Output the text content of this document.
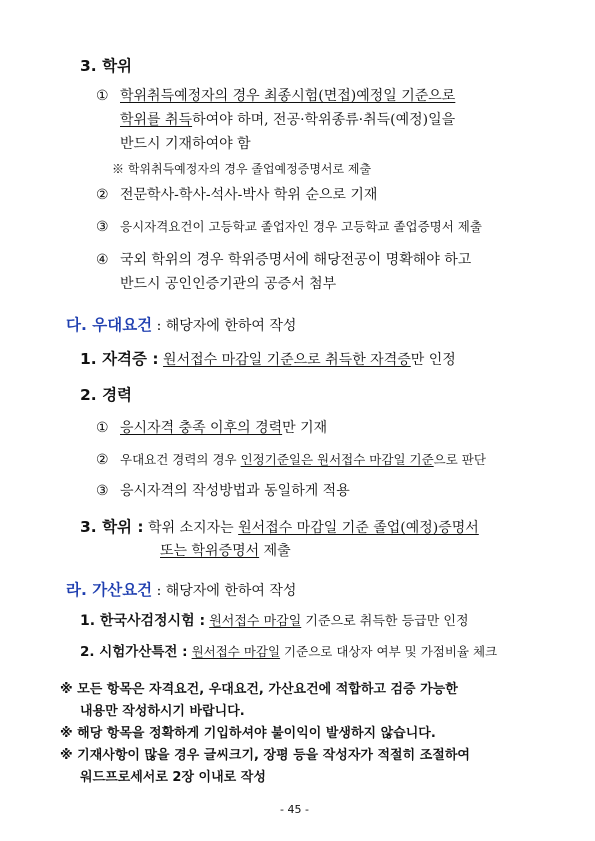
3. 학위
① 학위취득예정자의 경우 최종시험(면접)예정일 기준으로
학위를 취득하여야 하며, 전공·학위종류·취득(예정)일을
반드시 기재하여야 함
※ 학위취득예정자의 경우 졸업예정증명서로 제출
② 전문학사-학사-석사-박사 학위 순으로 기재
③ 응시자격요건이 고등학교 졸업자인 경우 고등학교 졸업증명서 제출
④ 국외 학위의 경우 학위증명서에 해당전공이 명확해야 하고
반드시 공인인증기관의 공증서 첨부
다. 우대요건 : 해당자에 한하여 작성
1. 자격증 : 원서접수 마감일 기준으로 취득한 자격증만 인정
2. 경력
① 응시자격 충족 이후의 경력만 기재
② 우대요건 경력의 경우 인정기준일은 원서접수 마감일 기준으로 판단
③ 응시자격의 작성방법과 동일하게 적용
3. 학위 : 학위 소지자는 원서접수 마감일 기준 졸업(예정)증명서
또는 학위증명서 제출
라. 가산요건 : 해당자에 한하여 작성
1. 한국사검정시험 : 원서접수 마감일 기준으로 취득한 등급만 인정
2. 시험가산특전 : 원서접수 마감일 기준으로 대상자 여부 및 가점비율 체크
※ 모든 항목은 자격요건, 우대요건, 가산요건에 적합하고 검증 가능한
내용만 작성하시기 바랍니다.
※ 해당 항목을 정확하게 기입하셔야 불이익이 발생하지 않습니다.
※ 기재사항이 많을 경우 글씨크기, 장평 등을 작성자가 적절히 조절하여
워드프로세서로 2장 이내로 작성
- 45 -
